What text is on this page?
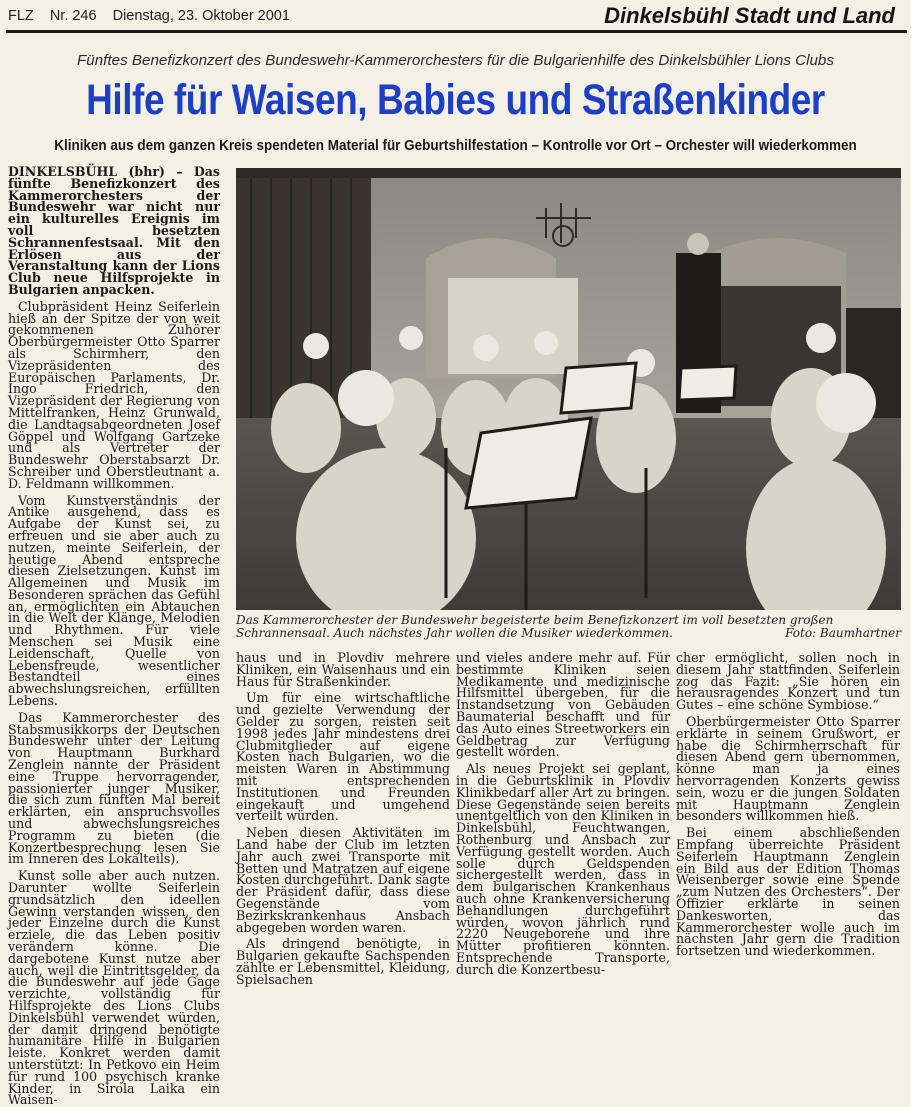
FLZ Nr. 246 Dienstag, 23. Oktober 2001	Dinkelsbühl Stadt und Land
Fünftes Benefizkonzert des Bundeswehr-Kammerorchesters für die Bulgarienhilfe des Dinkelsbühler Lions Clubs
Hilfe für Waisen, Babies und Straßenkinder
Kliniken aus dem ganzen Kreis spendeten Material für Geburtshilfestation – Kontrolle vor Ort – Orchester will wiederkommen

DINKELSBÜHL (bhr) – Das fünfte Benefizkonzert des Kammerorchesters der Bundeswehr war nicht nur ein kulturelles Ereignis im voll besetzten Schrannenfestsaal. Mit den Erlösen aus der Veranstaltung kann der Lions Club neue Hilfsprojekte in Bulgarien anpacken.

Clubpräsident Heinz Seiferlein hieß an der Spitze der von weit gekommenen Zuhörer Oberbürgermeister Otto Sparrer als Schirmherr, den Vizepräsidenten des Europäischen Parlaments, Dr. Ingo Friedrich, den Vizepräsident der Regierung von Mittelfranken, Heinz Grunwald, die Landtagsabgeordneten Josef Göppel und Wolfgang Gartzeke und als Vertreter der Bundeswehr Oberstabsarzt Dr. Schreiber und Oberstleutnant a. D. Feldmann willkommen.

Vom Kunstverständnis der Antike ausgehend, dass es Aufgabe der Kunst sei, zu erfreuen und sie aber auch zu nutzen, meinte Seiferlein, der heutige Abend entspreche diesen Zielsetzungen. Kunst im Allgemeinen und Musik im Besonderen sprächen das Gefühl an, ermöglichten ein Abtauchen in die Welt der Klänge, Melodien und Rhythmen. Für viele Menschen sei Musik eine Leidenschaft, Quelle von Lebensfreude, wesentlicher Bestandteil eines abwechslungsreichen, erfüllten Lebens.

Das Kammerorchester des Stabsmusikkorps der Deutschen Bundeswehr unter der Leitung von Hauptmann Burkhard Zenglein nannte der Präsident eine Truppe hervorragender, passionierter junger Musiker, die sich zum fünften Mal bereit erklärten, ein anspruchsvolles und abwechslungsreiches Programm zu bieten (die Konzertbesprechung lesen Sie im Inneren des Lokalteils).

Kunst solle aber auch nutzen. Darunter wollte Seiferlein grundsätzlich den ideellen Gewinn verstanden wissen, den jeder Einzelne durch die Kunst erziele, die das Leben positiv verändern könne. Die dargebotene Kunst nutze aber auch, weil die Eintrittsgelder, da die Bundeswehr auf jede Gage verzichte, vollständig für Hilfsprojekte des Lions Clubs Dinkelsbühl verwendet würden, der damit dringend benötigte humanitäre Hilfe in Bulgarien leiste. Konkret werden damit unterstützt: In Petkovo ein Heim für rund 100 psychisch kranke Kinder, in Sirola Laika ein Waisen-

Das Kammerorchester der Bundeswehr begeisterte beim Benefizkonzert im voll besetzten großen Schrannensaal. Auch nächstes Jahr wollen die Musiker wiederkommen.	Foto: Baumhartner

haus und in Plovdiv mehrere Kliniken, ein Waisenhaus und ein Haus für Straßenkinder.

Um für eine wirtschaftliche und gezielte Verwendung der Gelder zu sorgen, reisten seit 1998 jedes Jahr mindestens drei Clubmitglieder auf eigene Kosten nach Bulgarien, wo die meisten Waren in Abstimmung mit entsprechenden Institutionen und Freunden eingekauft und umgehend verteilt würden.

Neben diesen Aktivitäten im Land habe der Club im letzten Jahr auch zwei Transporte mit Betten und Matratzen auf eigene Kosten durchgeführt. Dank sagte der Präsident dafür, dass diese Gegenstände vom Bezirkskrankenhaus Ansbach abgegeben worden waren.

Als dringend benötigte, in Bulgarien gekaufte Sachspenden zählte er Lebensmittel, Kleidung, Spielsachen

und vieles andere mehr auf. Für bestimmte Kliniken seien Medikamente und medizinische Hilfsmittel übergeben, für die Instandsetzung von Gebäuden Baumaterial beschafft und für das Auto eines Streetworkers ein Geldbetrag zur Verfügung gestellt worden.

Als neues Projekt sei geplant, in die Geburtsklinik in Plovdiv Klinikbedarf aller Art zu bringen. Diese Gegenstände seien bereits unentgeltlich von den Kliniken in Dinkelsbühl, Feuchtwangen, Rothenburg und Ansbach zur Verfügung gestellt worden. Auch solle durch Geldspenden sichergestellt werden, dass in dem bulgarischen Krankenhaus auch ohne Krankenversicherung Behandlungen durchgeführt würden, wovon jährlich rund 2220 Neugeborene und ihre Mütter profitieren könnten. Entsprechende Transporte, durch die Konzertbesu-

cher ermöglicht, sollen noch in diesem Jahr stattfinden. Seiferlein zog das Fazit: „Sie hören ein herausragendes Konzert und tun Gutes – eine schöne Symbiose.“

Oberbürgermeister Otto Sparrer erklärte in seinem Grußwort, er habe die Schirmherrschaft für diesen Abend gern übernommen, könne man ja eines hervorragenden Konzerts gewiss sein, wozu er die jungen Soldaten mit Hauptmann Zenglein besonders willkommen hieß.

Bei einem abschließenden Empfang überreichte Präsident Seiferlein Hauptmann Zenglein ein Bild aus der Edition Thomas Weisenberger sowie eine Spende „zum Nutzen des Orchesters“. Der Offizier erklärte in seinen Dankesworten, das Kammerorchester wolle auch im nächsten Jahr gern die Tradition fortsetzen und wiederkommen.
